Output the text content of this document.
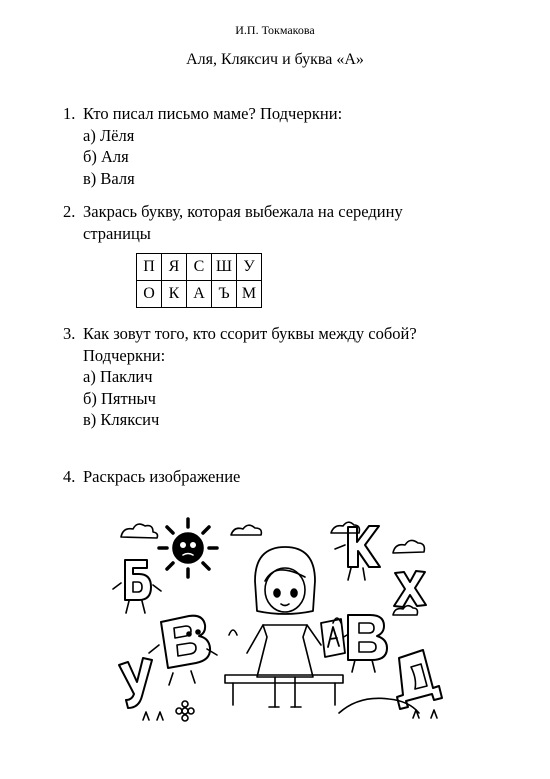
И.П. Токмакова
Аля, Кляксич и буква «А»
1. Кто писал письмо маме? Подчеркни:
а) Лёля
б) Аля
в) Валя
2. Закрась букву, которая выбежала на середину
страницы
П	Я	С	Ш	У
О	К	А	Ъ	М
3. Как зовут того, кто ссорит буквы между собой?
Подчеркни:
а) Паклич
б) Пятныч
в) Кляксич
4. Раскрась изображение
